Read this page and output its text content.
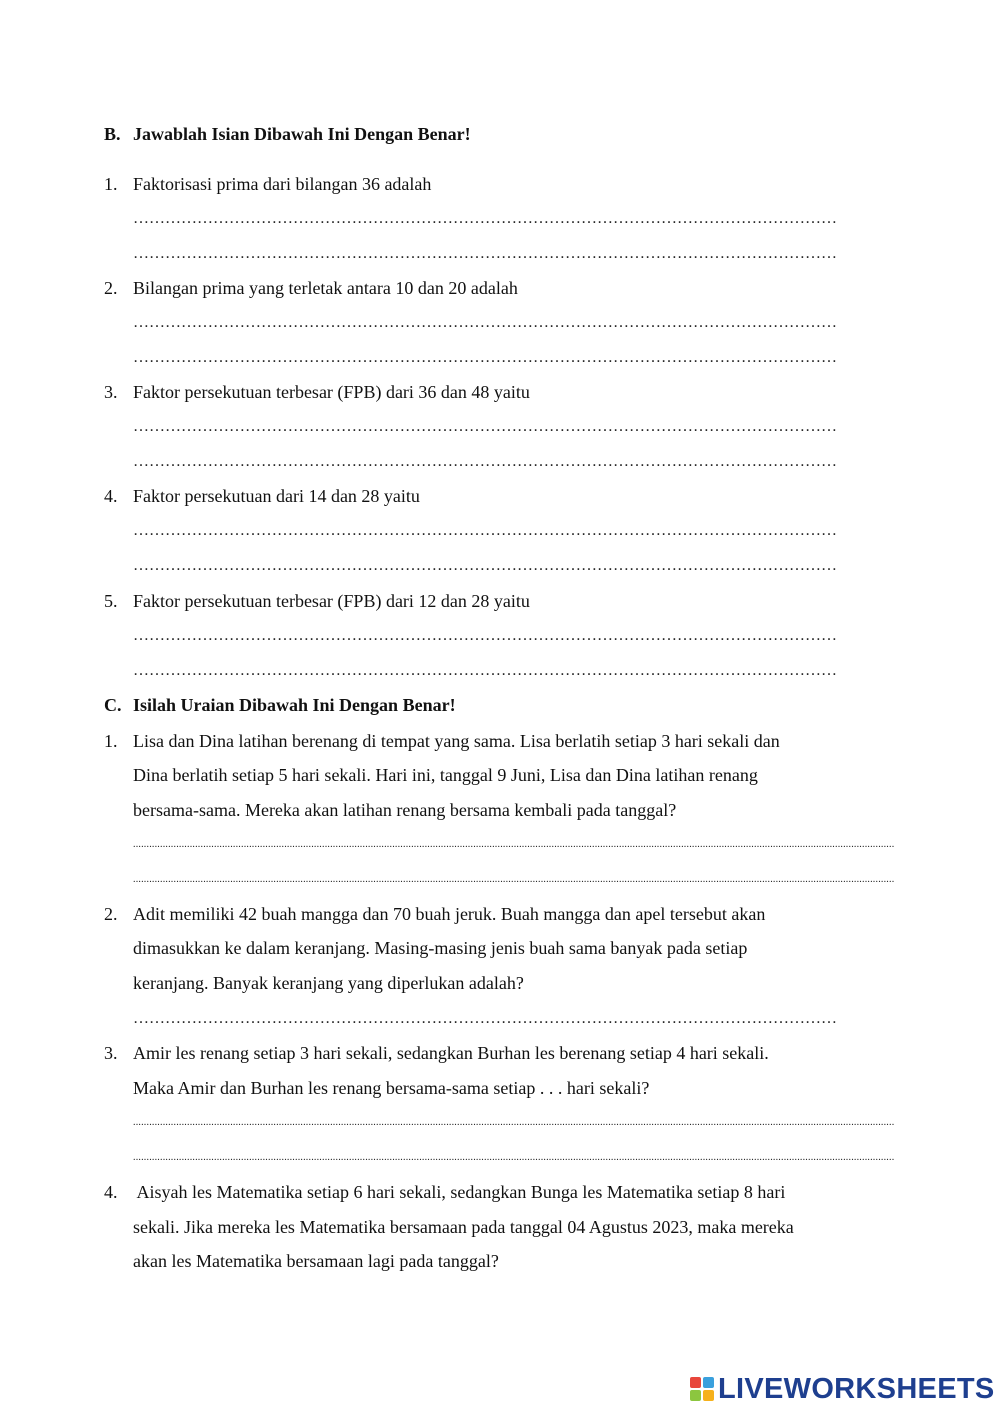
B. Jawablah Isian Dibawah Ini Dengan Benar!
1. Faktorisasi prima dari bilangan 36 adalah
……………………………………………………………………………………………………………………
……………………………………………………………………………………………………………………
2. Bilangan prima yang terletak antara 10 dan 20 adalah
……………………………………………………………………………………………………………………
……………………………………………………………………………………………………………………
3. Faktor persekutuan terbesar (FPB) dari 36 dan 48 yaitu
……………………………………………………………………………………………………………………
……………………………………………………………………………………………………………………
4. Faktor persekutuan dari 14 dan 28 yaitu
……………………………………………………………………………………………………………………
……………………………………………………………………………………………………………………
5. Faktor persekutuan terbesar (FPB) dari 12 dan 28 yaitu
……………………………………………………………………………………………………………………
……………………………………………………………………………………………………………………
C. Isilah Uraian Dibawah Ini Dengan Benar!
1. Lisa dan Dina latihan berenang di tempat yang sama. Lisa berlatih setiap 3 hari sekali dan
Dina berlatih setiap 5 hari sekali. Hari ini, tanggal 9 Juni, Lisa dan Dina latihan renang
bersama-sama. Mereka akan latihan renang bersama kembali pada tanggal?
..........................................................................................................................................................................................................................................................................................
..........................................................................................................................................................................................................................................................................................
2. Adit memiliki 42 buah mangga dan 70 buah jeruk. Buah mangga dan apel tersebut akan
dimasukkan ke dalam keranjang. Masing-masing jenis buah sama banyak pada setiap
keranjang. Banyak keranjang yang diperlukan adalah?
……………………………………………………………………………………………………………………
3. Amir les renang setiap 3 hari sekali, sedangkan Burhan les berenang setiap 4 hari sekali.
Maka Amir dan Burhan les renang bersama-sama setiap . . . hari sekali?
..........................................................................................................................................................................................................................................................................................
..........................................................................................................................................................................................................................................................................................
4. Aisyah les Matematika setiap 6 hari sekali, sedangkan Bunga les Matematika setiap 8 hari
sekali. Jika mereka les Matematika bersamaan pada tanggal 04 Agustus 2023, maka mereka
akan les Matematika bersamaan lagi pada tanggal?
LIVEWORKSHEETS
